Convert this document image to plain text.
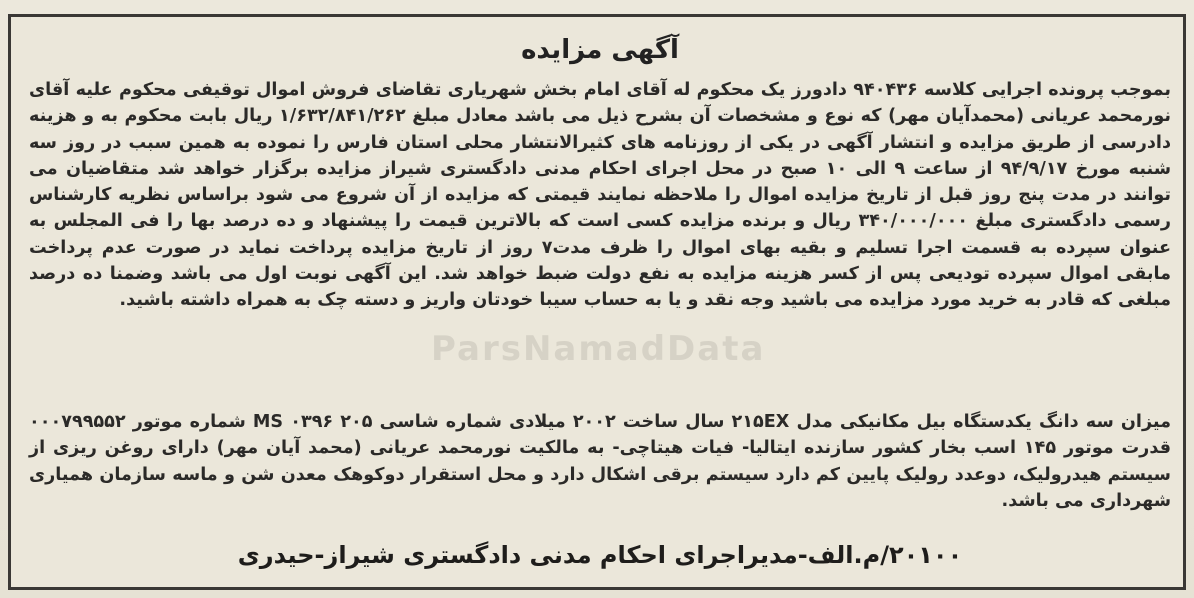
آگهی مزایده
بموجب پرونده اجرایی کلاسه ۹۴۰۴۳۶ دادورز یک محکوم له آقای امام بخش شهریاری تقاضای فروش اموال توقیفی محکوم علیه آقای نورمحمد عریانی (محمدآیان مهر) که نوع و مشخصات آن بشرح ذیل می باشد معادل مبلغ ۱/۶۳۲/۸۴۱/۲۶۲ ریال بابت محکوم به و هزینه دادرسی از طریق مزایده و انتشار آگهی در یکی از روزنامه های کثیرالانتشار محلی استان فارس را نموده به همین سبب در روز سه شنبه مورخ ۹۴/۹/۱۷ از ساعت ۹ الی ۱۰ صبح در محل اجرای احکام مدنی دادگستری شیراز مزایده برگزار خواهد شد متقاضیان می توانند در مدت پنج روز قبل از تاریخ مزایده اموال را ملاحظه نمایند قیمتی که مزایده از آن شروع می شود براساس نظریه کارشناس رسمی دادگستری مبلغ ۳۴۰/۰۰۰/۰۰۰ ریال و برنده مزایده کسی است که بالاترین قیمت را پیشنهاد و ده درصد بها را فی المجلس به عنوان سپرده به قسمت اجرا تسلیم و بقیه بهای اموال را ظرف مدت۷ روز از تاریخ مزایده پرداخت نماید در صورت عدم پرداخت مابقی اموال سپرده تودیعی پس از کسر هزینه مزایده به نفع دولت ضبط خواهد شد. این آگهی نوبت اول می باشد وضمنا ده درصد مبلغی که قادر به خرید مورد مزایده می باشید وجه نقد و یا به حساب سیبا خودتان واریز و دسته چک به همراه داشته باشید.
میزان سه دانگ یکدستگاه بیل مکانیکی مدل ۲۱۵EX سال ساخت ۲۰۰۲ میلادی شماره شاسی MS ۰۳۹۶ ۲۰۵ شماره موتور ۰۰۰۷۹۹۵۵۲ قدرت موتور ۱۴۵ اسب بخار کشور سازنده ایتالیا- فیات هیتاچی- به مالکیت نورمحمد عریانی (محمد آیان مهر) دارای روغن ریزی از سیستم هیدرولیک، دوعدد رولیک پایین کم دارد سیستم برقی اشکال دارد و محل استقرار دوکوهک معدن شن و ماسه سازمان همیاری شهرداری می باشد.
۲۰۱۰۰/م.الف-مدیراجرای احکام مدنی دادگستری شیراز-حیدری
ParsNamadData
